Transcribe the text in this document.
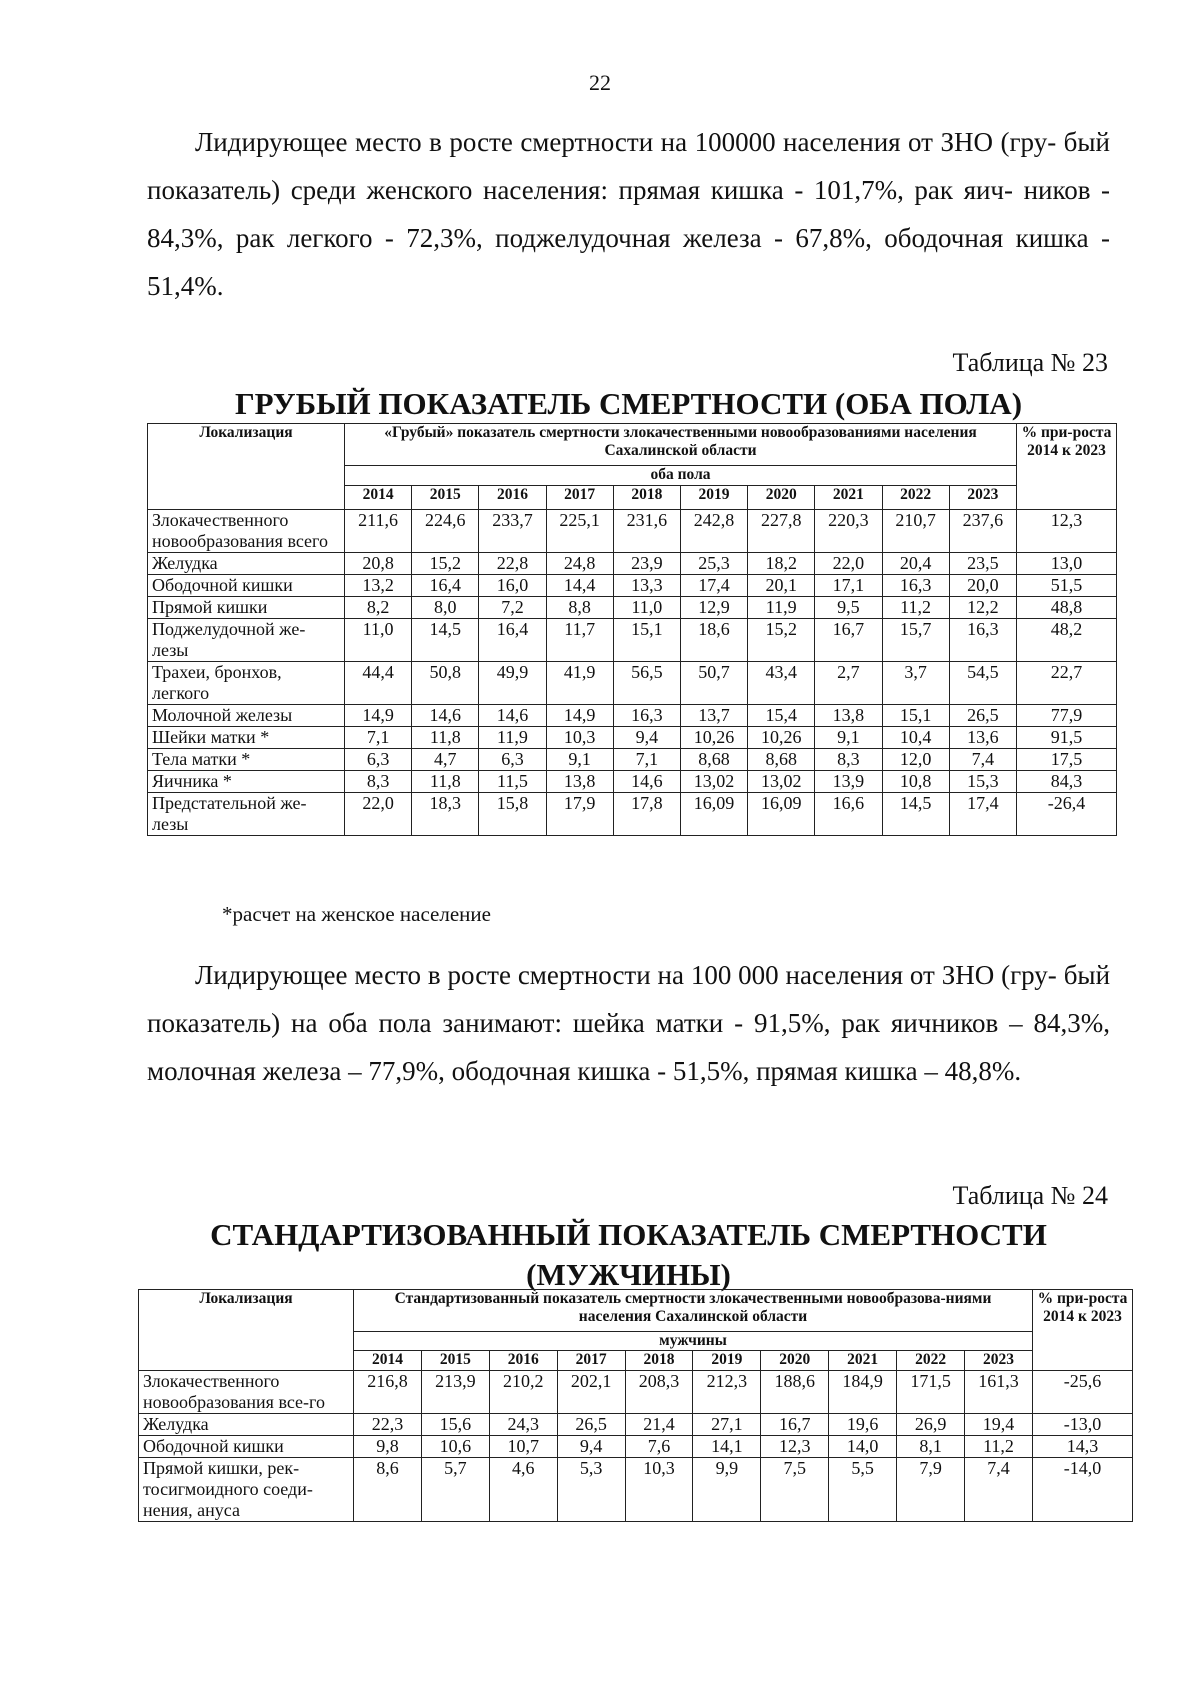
22

Лидирующее место в росте смертности на 100000 населения от ЗНО (гру- бый показатель) среди женского населения: прямая кишка - 101,7%, рак яич- ников - 84,3%, рак легкого - 72,3%, поджелудочная железа - 67,8%, ободочная кишка - 51,4%.

Таблица № 23
ГРУБЫЙ ПОКАЗАТЕЛЬ СМЕРТНОСТИ (ОБА ПОЛА)
Локализация	«Грубый» показатель смертности злокачественными новообразованиями населения Сахалинской области										% при-роста 2014 к 2023
	оба пола										
	2014	2015	2016	2017	2018	2019	2020	2021	2022	2023	
Злокачественного новообразования всего	211,6	224,6	233,7	225,1	231,6	242,8	227,8	220,3	210,7	237,6	12,3
Желудка	20,8	15,2	22,8	24,8	23,9	25,3	18,2	22,0	20,4	23,5	13,0
Ободочной кишки	13,2	16,4	16,0	14,4	13,3	17,4	20,1	17,1	16,3	20,0	51,5
Прямой кишки	8,2	8,0	7,2	8,8	11,0	12,9	11,9	9,5	11,2	12,2	48,8
Поджелудочной же-лезы	11,0	14,5	16,4	11,7	15,1	18,6	15,2	16,7	15,7	16,3	48,2
Трахеи, бронхов, легкого	44,4	50,8	49,9	41,9	56,5	50,7	43,4	2,7	3,7	54,5	22,7
Молочной железы	14,9	14,6	14,6	14,9	16,3	13,7	15,4	13,8	15,1	26,5	77,9
Шейки матки *	7,1	11,8	11,9	10,3	9,4	10,26	10,26	9,1	10,4	13,6	91,5
Тела матки *	6,3	4,7	6,3	9,1	7,1	8,68	8,68	8,3	12,0	7,4	17,5
Яичника *	8,3	11,8	11,5	13,8	14,6	13,02	13,02	13,9	10,8	15,3	84,3
Предстательной же-лезы	22,0	18,3	15,8	17,9	17,8	16,09	16,09	16,6	14,5	17,4	-26,4
*расчет на женское население

Лидирующее место в росте смертности на 100 000 населения от ЗНО (гру- бый показатель) на оба пола занимают: шейка матки - 91,5%, рак яичников – 84,3%, молочная железа – 77,9%, ободочная кишка - 51,5%, прямая кишка – 48,8%.

Таблица № 24
СТАНДАРТИЗОВАННЫЙ ПОКАЗАТЕЛЬ СМЕРТНОСТИ
(МУЖЧИНЫ)
Локализация	Стандартизованный показатель смертности злокачественными новообразова-ниями населения Сахалинской области										% при-роста 2014 к 2023
	мужчины										
	2014	2015	2016	2017	2018	2019	2020	2021	2022	2023	
Злокачественного новообразования все-го	216,8	213,9	210,2	202,1	208,3	212,3	188,6	184,9	171,5	161,3	-25,6
Желудка	22,3	15,6	24,3	26,5	21,4	27,1	16,7	19,6	26,9	19,4	-13,0
Ободочной кишки	9,8	10,6	10,7	9,4	7,6	14,1	12,3	14,0	8,1	11,2	14,3
Прямой кишки, рек-тосигмоидного соеди-нения, ануса	8,6	5,7	4,6	5,3	10,3	9,9	7,5	5,5	7,9	7,4	-14,0
